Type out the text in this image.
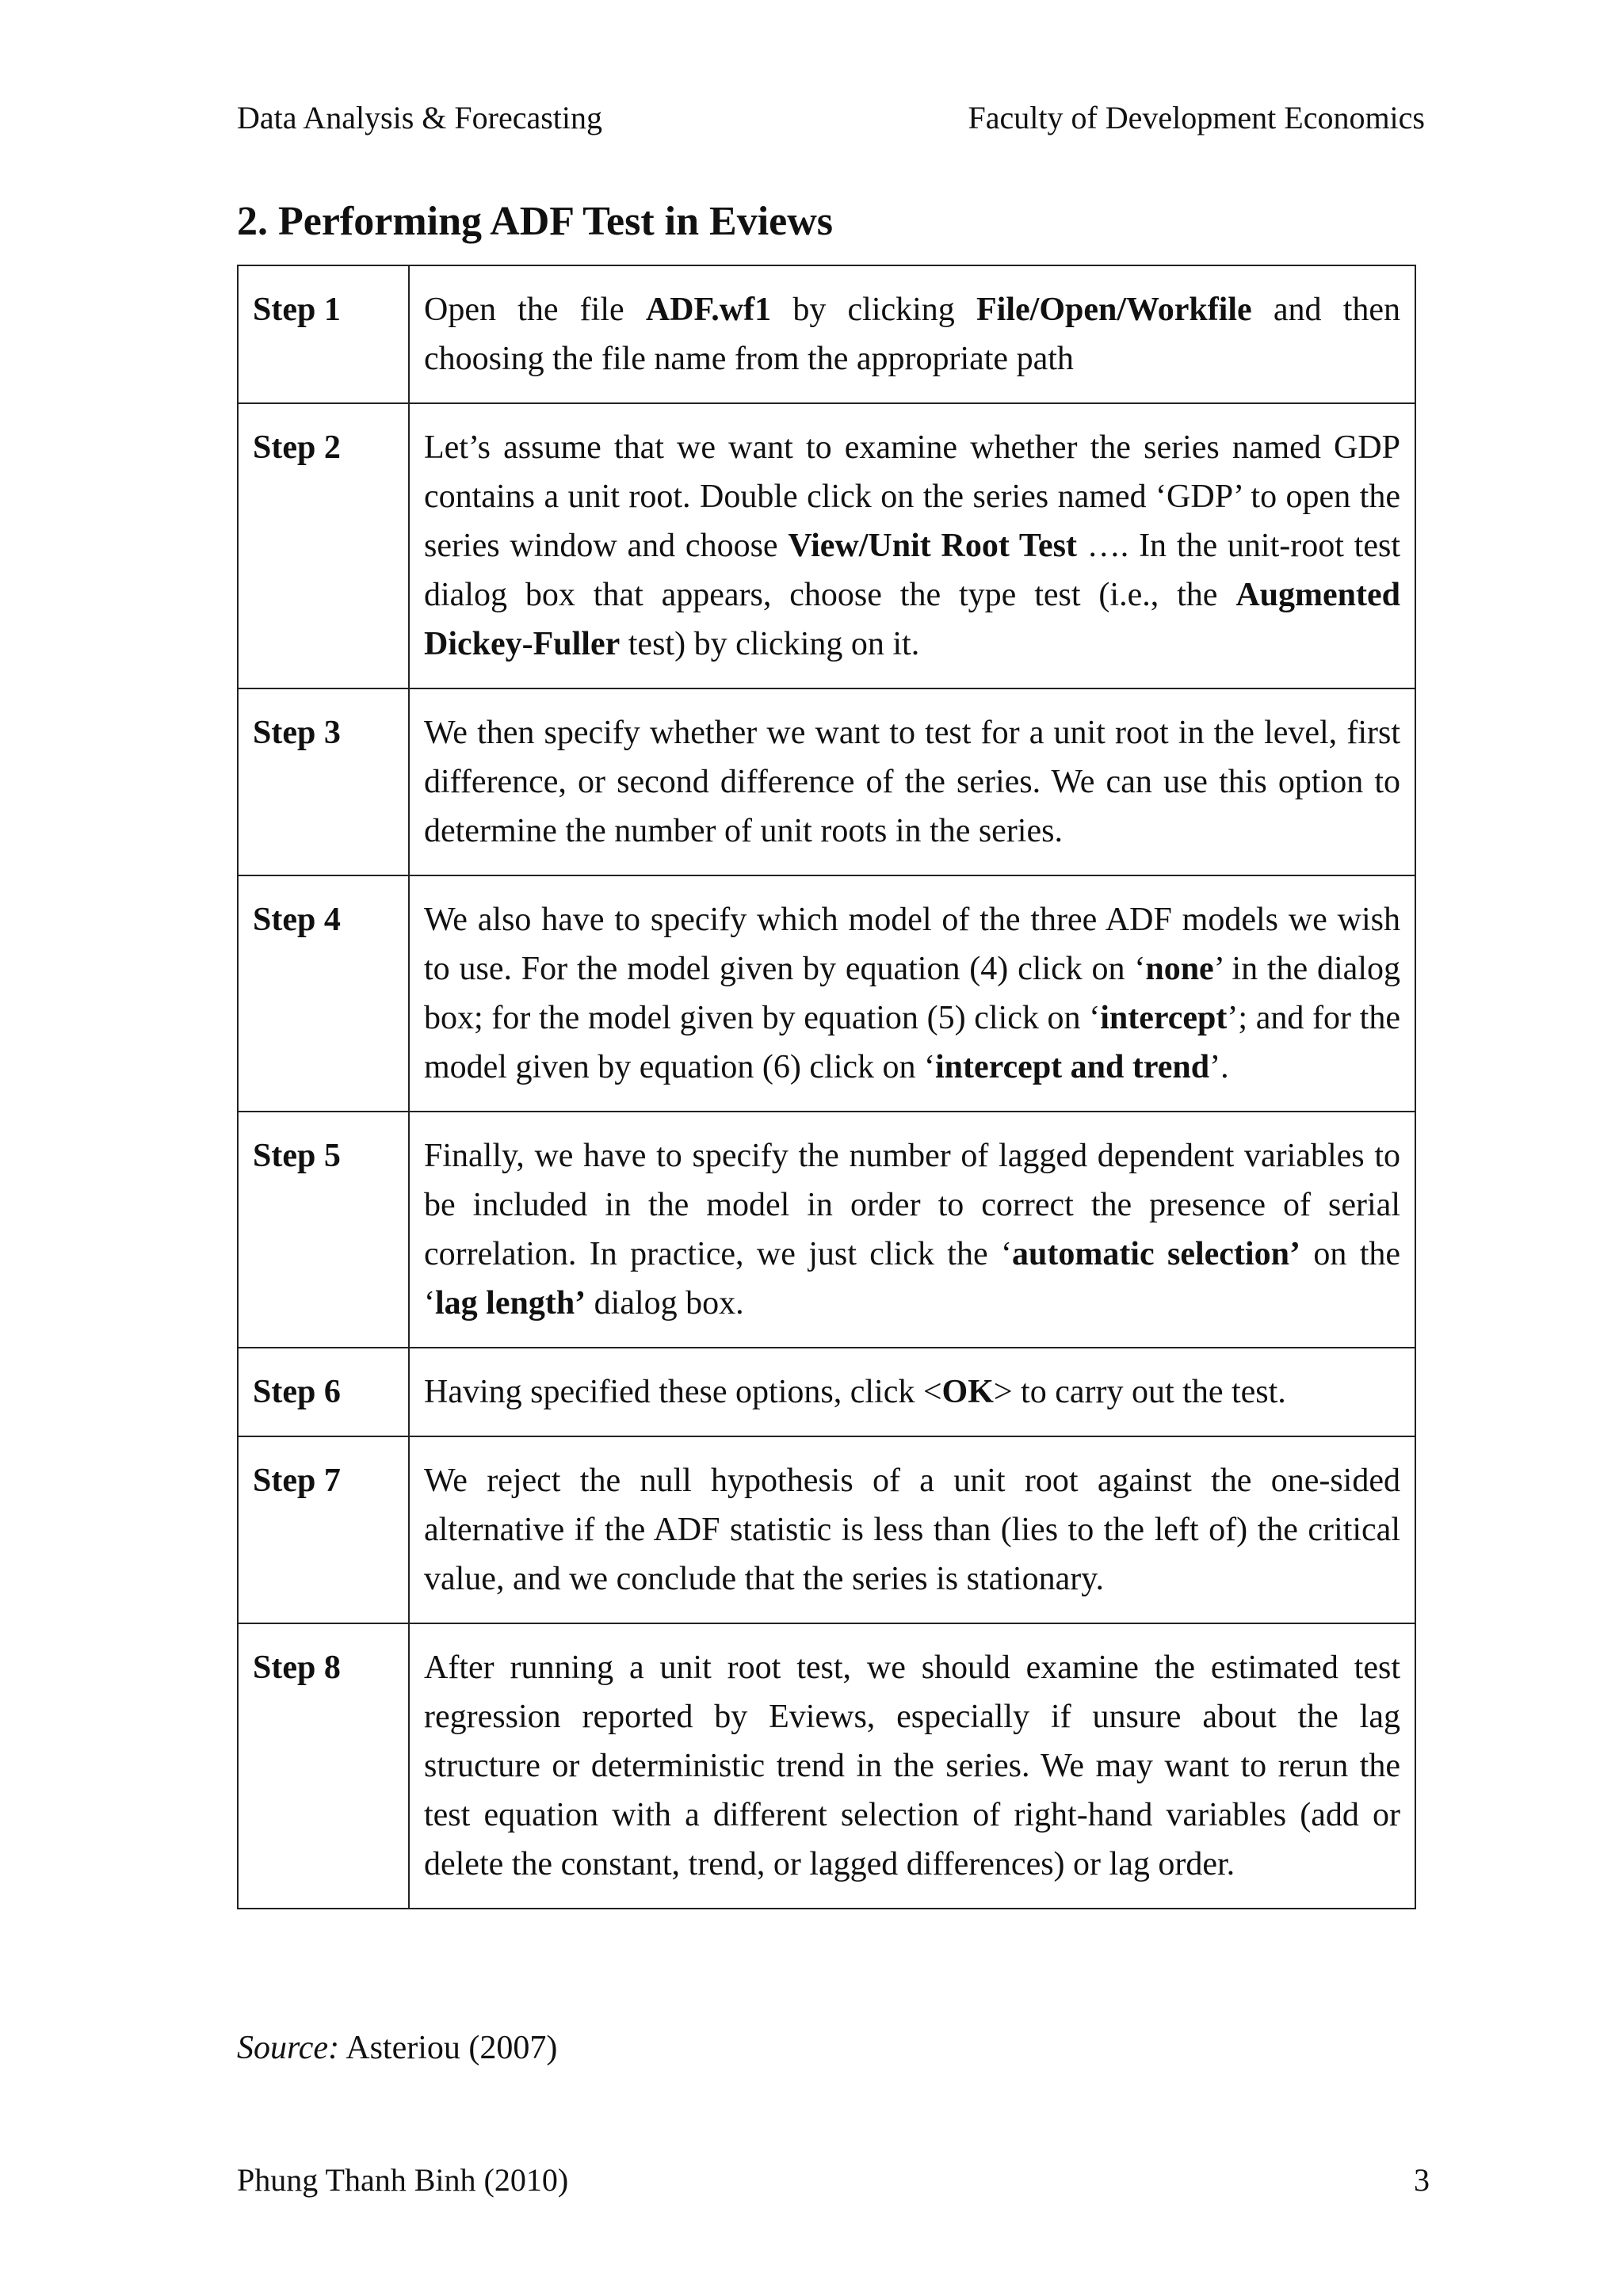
Data Analysis & Forecasting	Faculty of Development Economics
2. Performing ADF Test in Eviews
Step 1	Open the file ADF.wf1 by clicking File/Open/Workfile and then choosing the file name from the appropriate path
Step 2	Let’s assume that we want to examine whether the series named GDP contains a unit root. Double click on the series named ‘GDP’ to open the series window and choose View/Unit Root Test …. In the unit-root test dialog box that appears, choose the type test (i.e., the Augmented Dickey-Fuller test) by clicking on it.
Step 3	We then specify whether we want to test for a unit root in the level, first difference, or second difference of the series. We can use this option to determine the number of unit roots in the series.
Step 4	We also have to specify which model of the three ADF models we wish to use. For the model given by equation (4) click on ‘none’ in the dialog box; for the model given by equation (5) click on ‘intercept’; and for the model given by equation (6) click on ‘intercept and trend’.
Step 5	Finally, we have to specify the number of lagged dependent variables to be included in the model in order to correct the presence of serial correlation. In practice, we just click the ‘automatic selection’ on the ‘lag length’ dialog box.
Step 6	Having specified these options, click <OK> to carry out the test.
Step 7	We reject the null hypothesis of a unit root against the one-sided alternative if the ADF statistic is less than (lies to the left of) the critical value, and we conclude that the series is stationary.
Step 8	After running a unit root test, we should examine the estimated test regression reported by Eviews, especially if unsure about the lag structure or deterministic trend in the series. We may want to rerun the test equation with a different selection of right-hand variables (add or delete the constant, trend, or lagged differences) or lag order.
Source: Asteriou (2007)
Phung Thanh Binh (2010)	3
